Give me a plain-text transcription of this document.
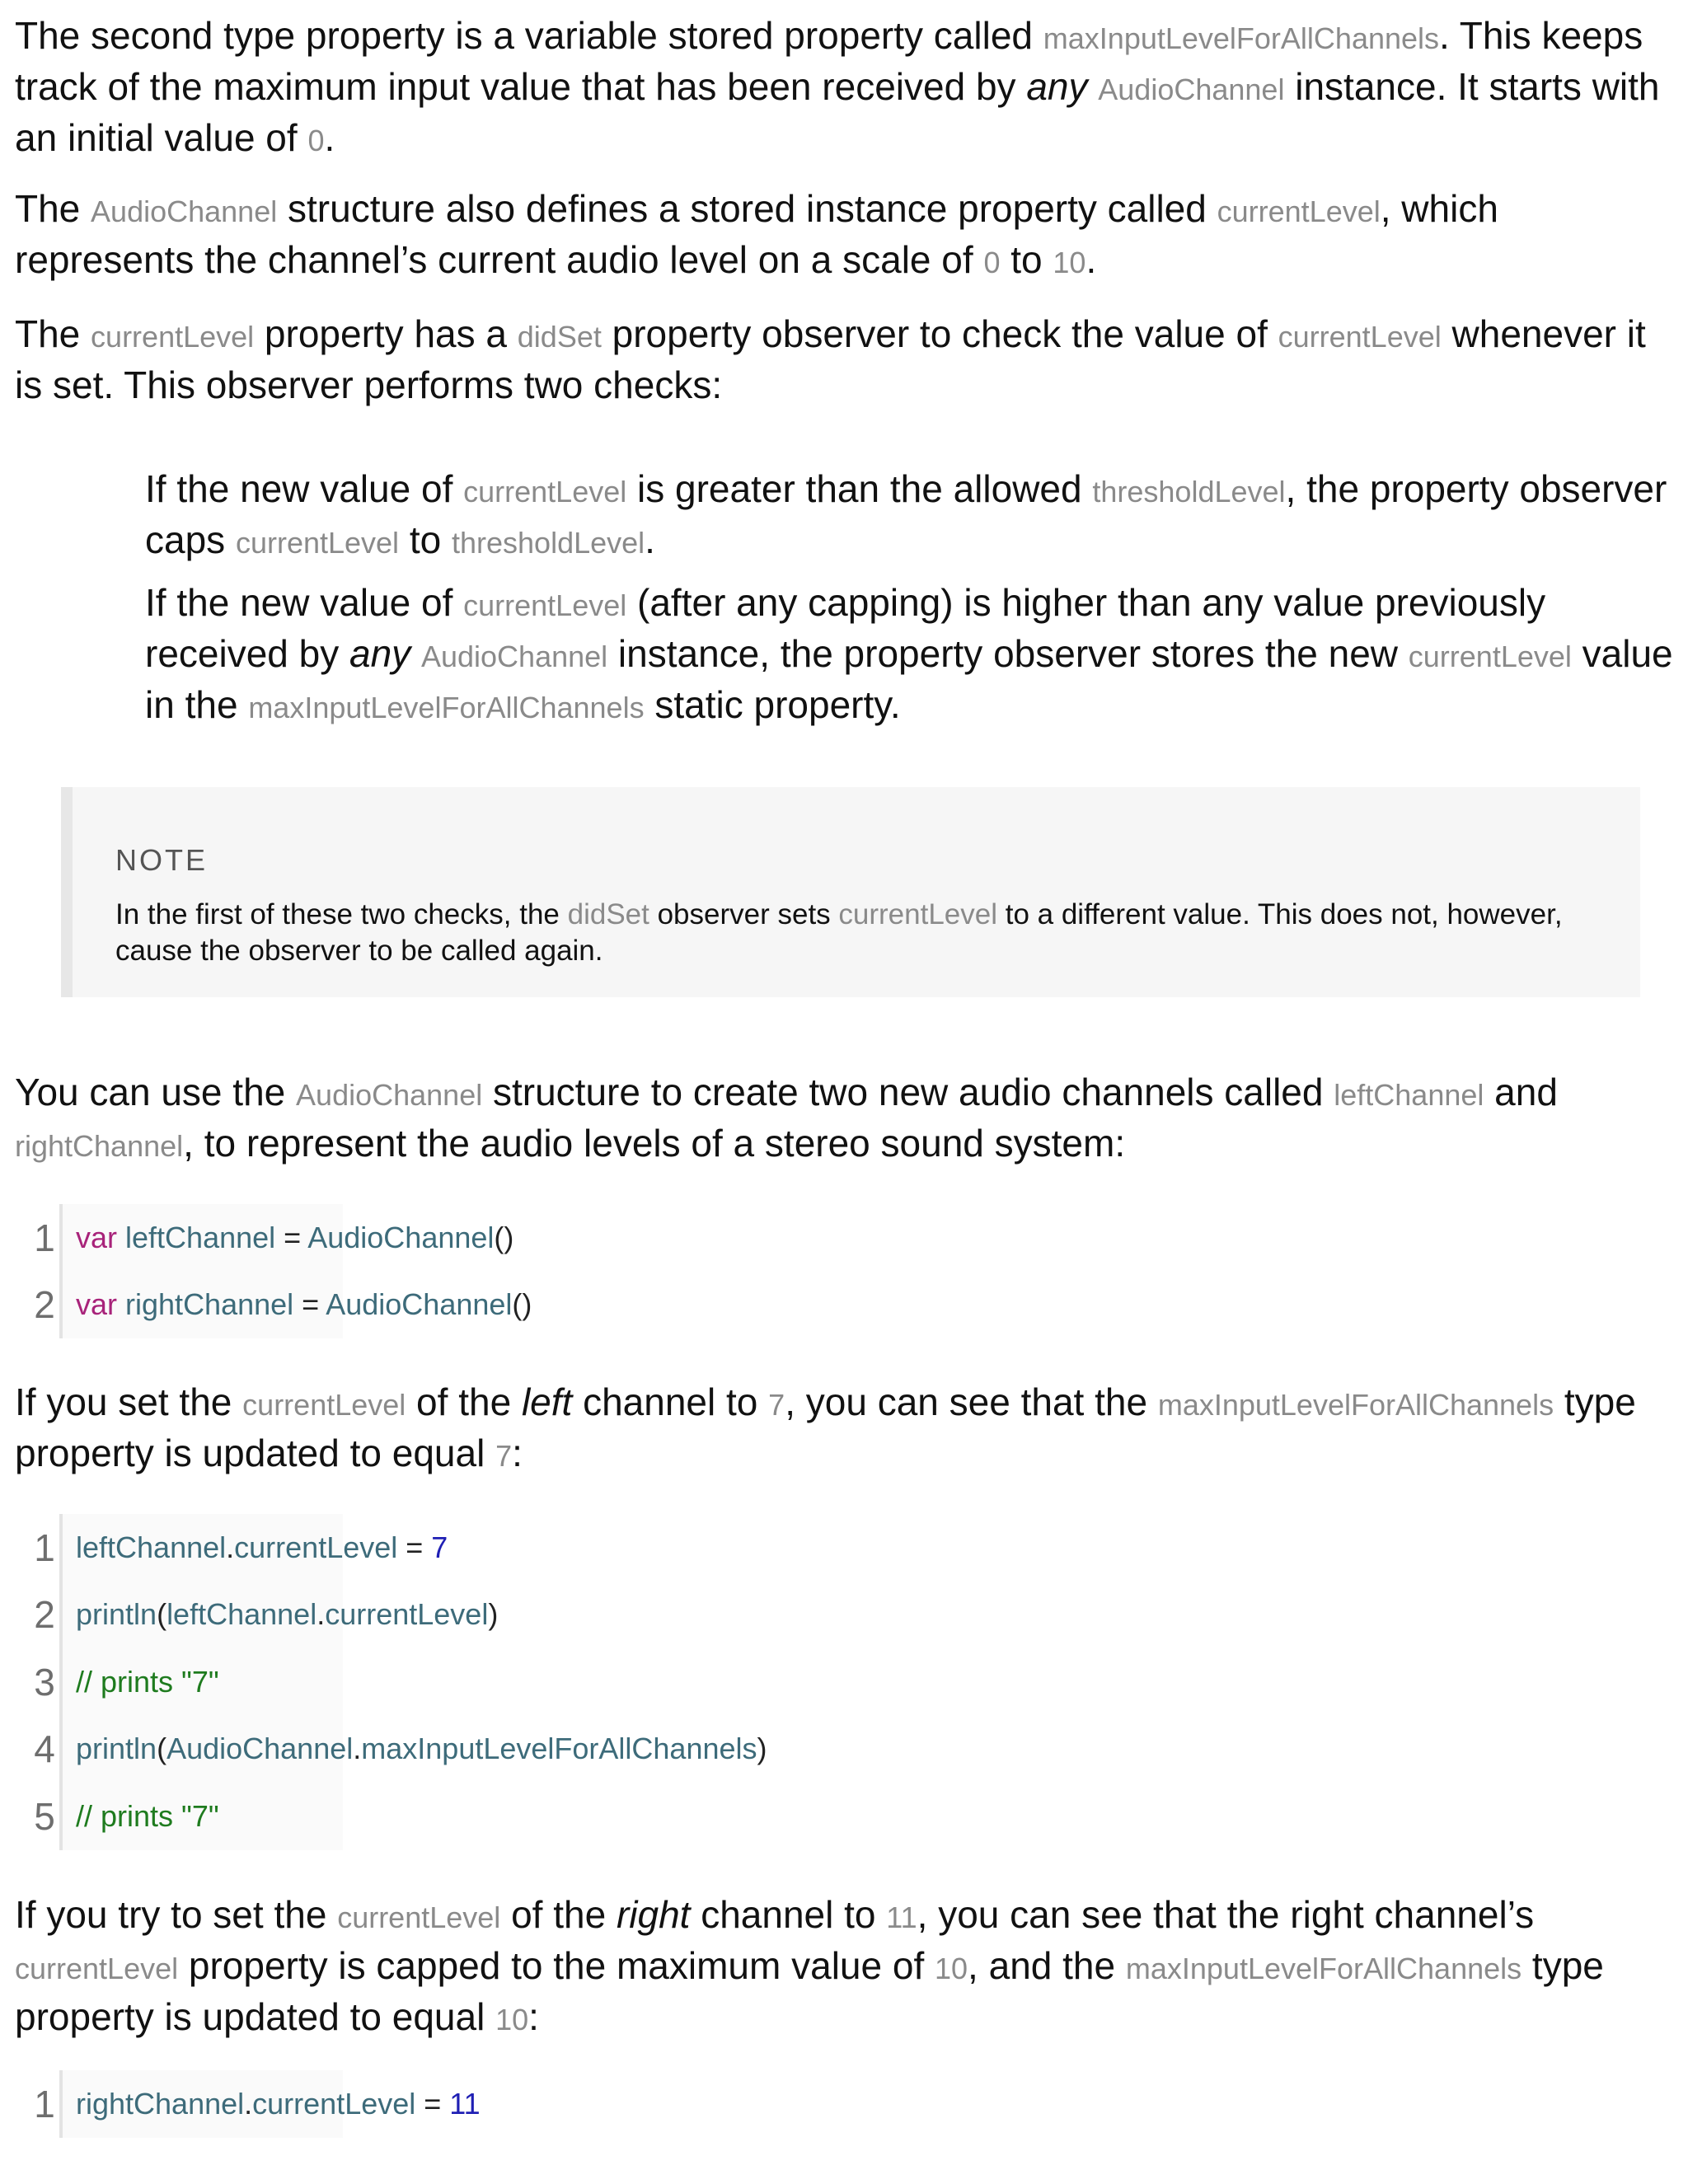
The second type property is a variable stored property called maxInputLevelForAllChannels. This keeps track of the maximum input value that has been received by any AudioChannel instance. It starts with an initial value of 0.

The AudioChannel structure also defines a stored instance property called currentLevel, which represents the channel’s current audio level on a scale of 0 to 10.

The currentLevel property has a didSet property observer to check the value of currentLevel whenever it is set. This observer performs two checks:

If the new value of currentLevel is greater than the allowed thresholdLevel, the property observer caps currentLevel to thresholdLevel.

If the new value of currentLevel (after any capping) is higher than any value previously received by any AudioChannel instance, the property observer stores the new currentLevel value in the maxInputLevelForAllChannels static property.

NOTE

In the first of these two checks, the didSet observer sets currentLevel to a different value. This does not, however, cause the observer to be called again.

You can use the AudioChannel structure to create two new audio channels called leftChannel and rightChannel, to represent the audio levels of a stereo sound system:

1 var leftChannel = AudioChannel()
2 var rightChannel = AudioChannel()

If you set the currentLevel of the left channel to 7, you can see that the maxInputLevelForAllChannels type property is updated to equal 7:

1 leftChannel.currentLevel = 7
2 println(leftChannel.currentLevel)
3 // prints "7"
4 println(AudioChannel.maxInputLevelForAllChannels)
5 // prints "7"

If you try to set the currentLevel of the right channel to 11, you can see that the right channel’s currentLevel property is capped to the maximum value of 10, and the maxInputLevelForAllChannels type property is updated to equal 10:

1 rightChannel.currentLevel = 11
